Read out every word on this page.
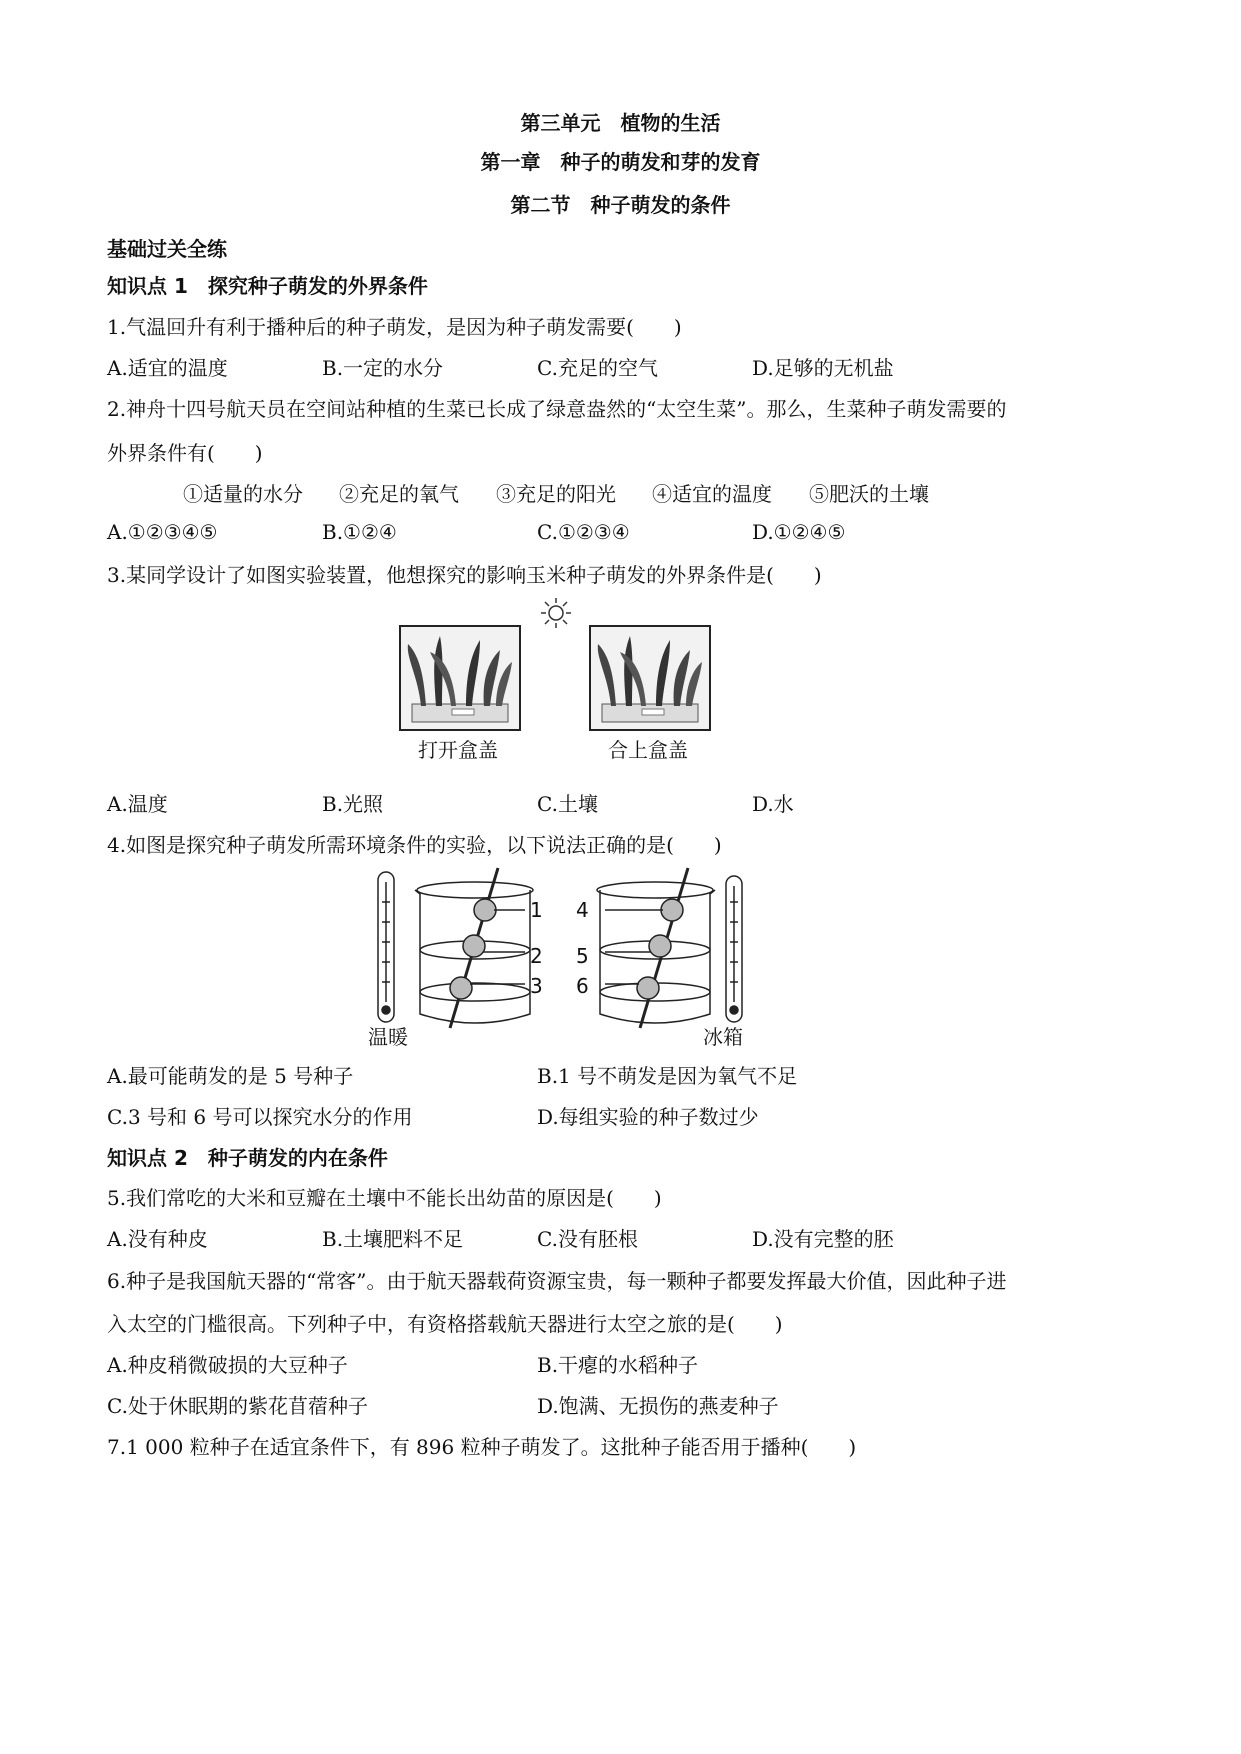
第三单元　植物的生活
第一章　种子的萌发和芽的发育
第二节　种子萌发的条件
基础过关全练
知识点 1　探究种子萌发的外界条件
1.气温回升有利于播种后的种子萌发，是因为种子萌发需要(　　)
A.适宜的温度	B.一定的水分	C.充足的空气	D.足够的无机盐
2.神舟十四号航天员在空间站种植的生菜已长成了绿意盎然的“太空生菜”。那么，生菜种子萌发需要的
外界条件有(　　)
①适量的水分 ②充足的氧气 ③充足的阳光 ④适宜的温度 ⑤肥沃的土壤
A.①②③④⑤	B.①②④	C.①②③④	D.①②④⑤
3.某同学设计了如图实验装置，他想探究的影响玉米种子萌发的外界条件是(　　)
打开盒盖	合上盒盖
A.温度	B.光照	C.土壤	D.水
4.如图是探究种子萌发所需环境条件的实验，以下说法正确的是(　　)
1
2
3
4
5
6
温暖	冰箱
A.最可能萌发的是 5 号种子	B.1 号不萌发是因为氧气不足
C.3 号和 6 号可以探究水分的作用	D.每组实验的种子数过少
知识点 2　种子萌发的内在条件
5.我们常吃的大米和豆瓣在土壤中不能长出幼苗的原因是(　　)
A.没有种皮	B.土壤肥料不足	C.没有胚根	D.没有完整的胚
6.种子是我国航天器的“常客”。由于航天器载荷资源宝贵，每一颗种子都要发挥最大价值，因此种子进
入太空的门槛很高。下列种子中，有资格搭载航天器进行太空之旅的是(　　)
A.种皮稍微破损的大豆种子	B.干瘪的水稻种子
C.处于休眠期的紫花苜蓿种子	D.饱满、无损伤的燕麦种子
7.1 000 粒种子在适宜条件下，有 896 粒种子萌发了。这批种子能否用于播种(　　)
